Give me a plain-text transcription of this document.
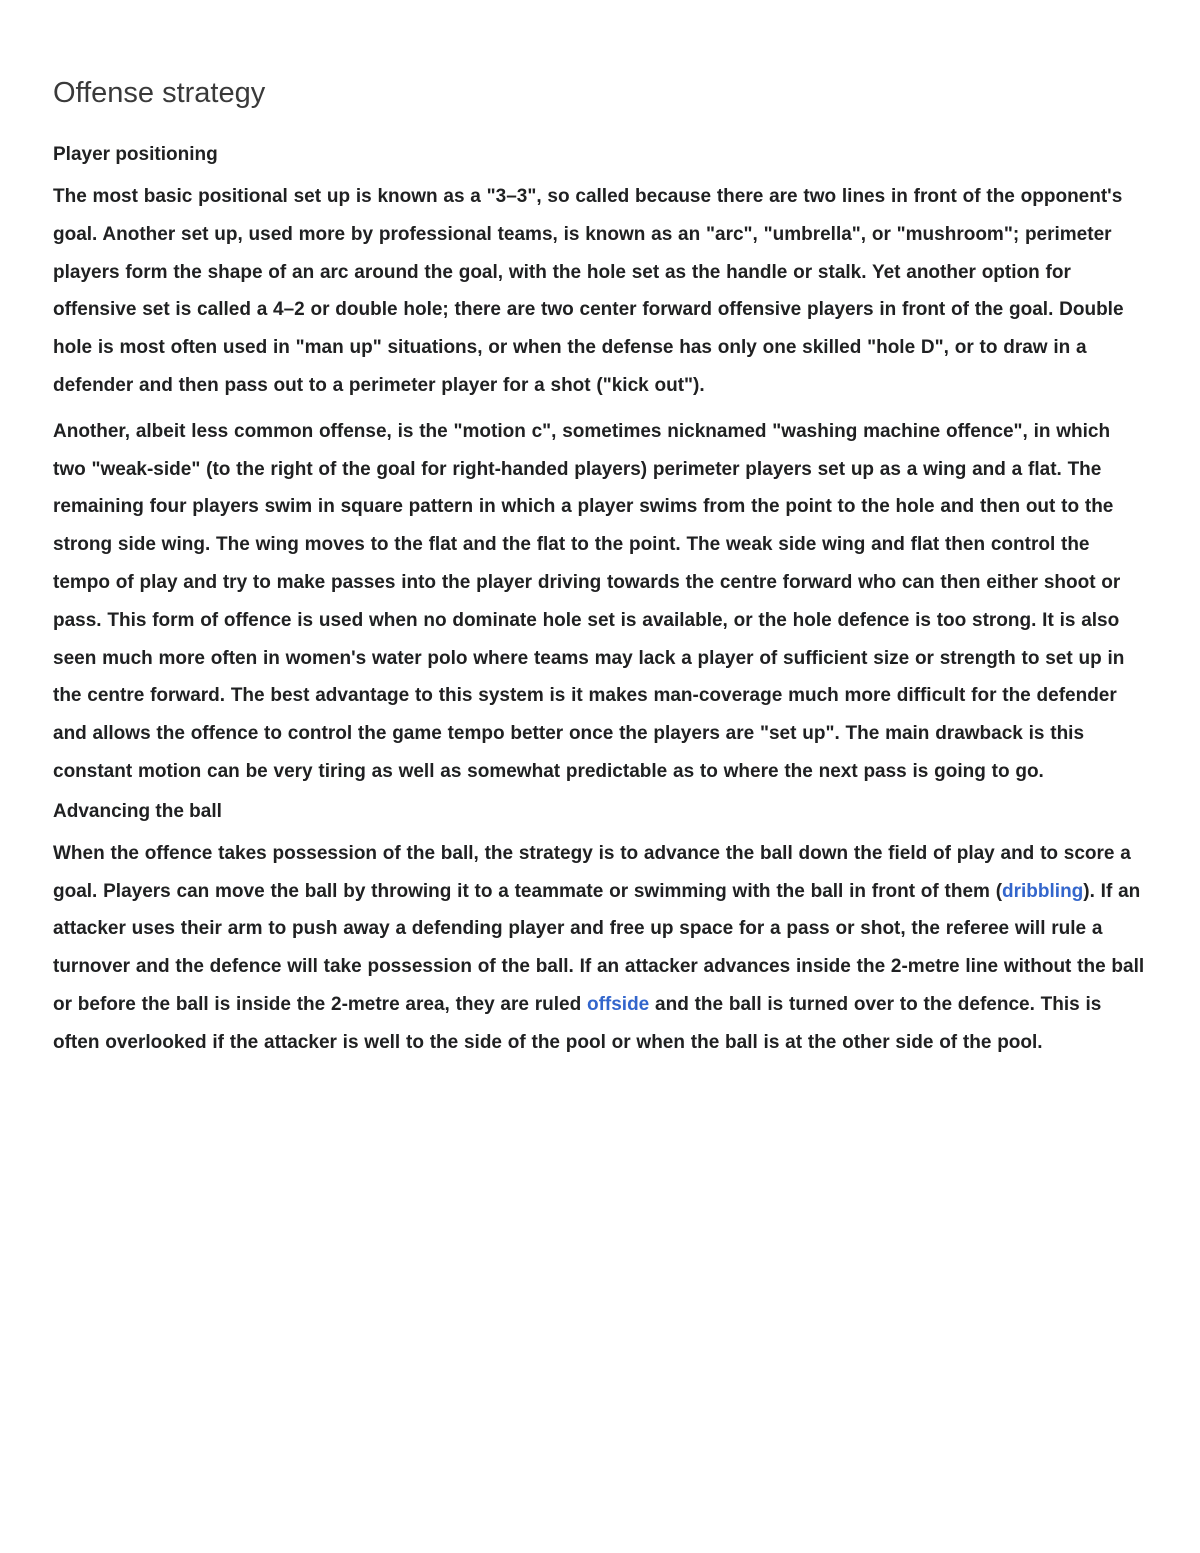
Offense strategy
Player positioning

The most basic positional set up is known as a "3–3", so called because there are two lines in front of the opponent's goal. Another set up, used more by professional teams, is known as an "arc", "umbrella", or "mushroom"; perimeter players form the shape of an arc around the goal, with the hole set as the handle or stalk. Yet another option for offensive set is called a 4–2 or double hole; there are two center forward offensive players in front of the goal. Double hole is most often used in "man up" situations, or when the defense has only one skilled "hole D", or to draw in a defender and then pass out to a perimeter player for a shot ("kick out").

Another, albeit less common offense, is the "motion c", sometimes nicknamed "washing machine offence", in which two "weak-side" (to the right of the goal for right-handed players) perimeter players set up as a wing and a flat. The remaining four players swim in square pattern in which a player swims from the point to the hole and then out to the strong side wing. The wing moves to the flat and the flat to the point. The weak side wing and flat then control the tempo of play and try to make passes into the player driving towards the centre forward who can then either shoot or pass. This form of offence is used when no dominate hole set is available, or the hole defence is too strong. It is also seen much more often in women's water polo where teams may lack a player of sufficient size or strength to set up in the centre forward. The best advantage to this system is it makes man-coverage much more difficult for the defender and allows the offence to control the game tempo better once the players are "set up". The main drawback is this constant motion can be very tiring as well as somewhat predictable as to where the next pass is going to go.

Advancing the ball

When the offence takes possession of the ball, the strategy is to advance the ball down the field of play and to score a goal. Players can move the ball by throwing it to a teammate or swimming with the ball in front of them (dribbling). If an attacker uses their arm to push away a defending player and free up space for a pass or shot, the referee will rule a turnover and the defence will take possession of the ball. If an attacker advances inside the 2-metre line without the ball or before the ball is inside the 2-metre area, they are ruled offside and the ball is turned over to the defence. This is often overlooked if the attacker is well to the side of the pool or when the ball is at the other side of the pool.
